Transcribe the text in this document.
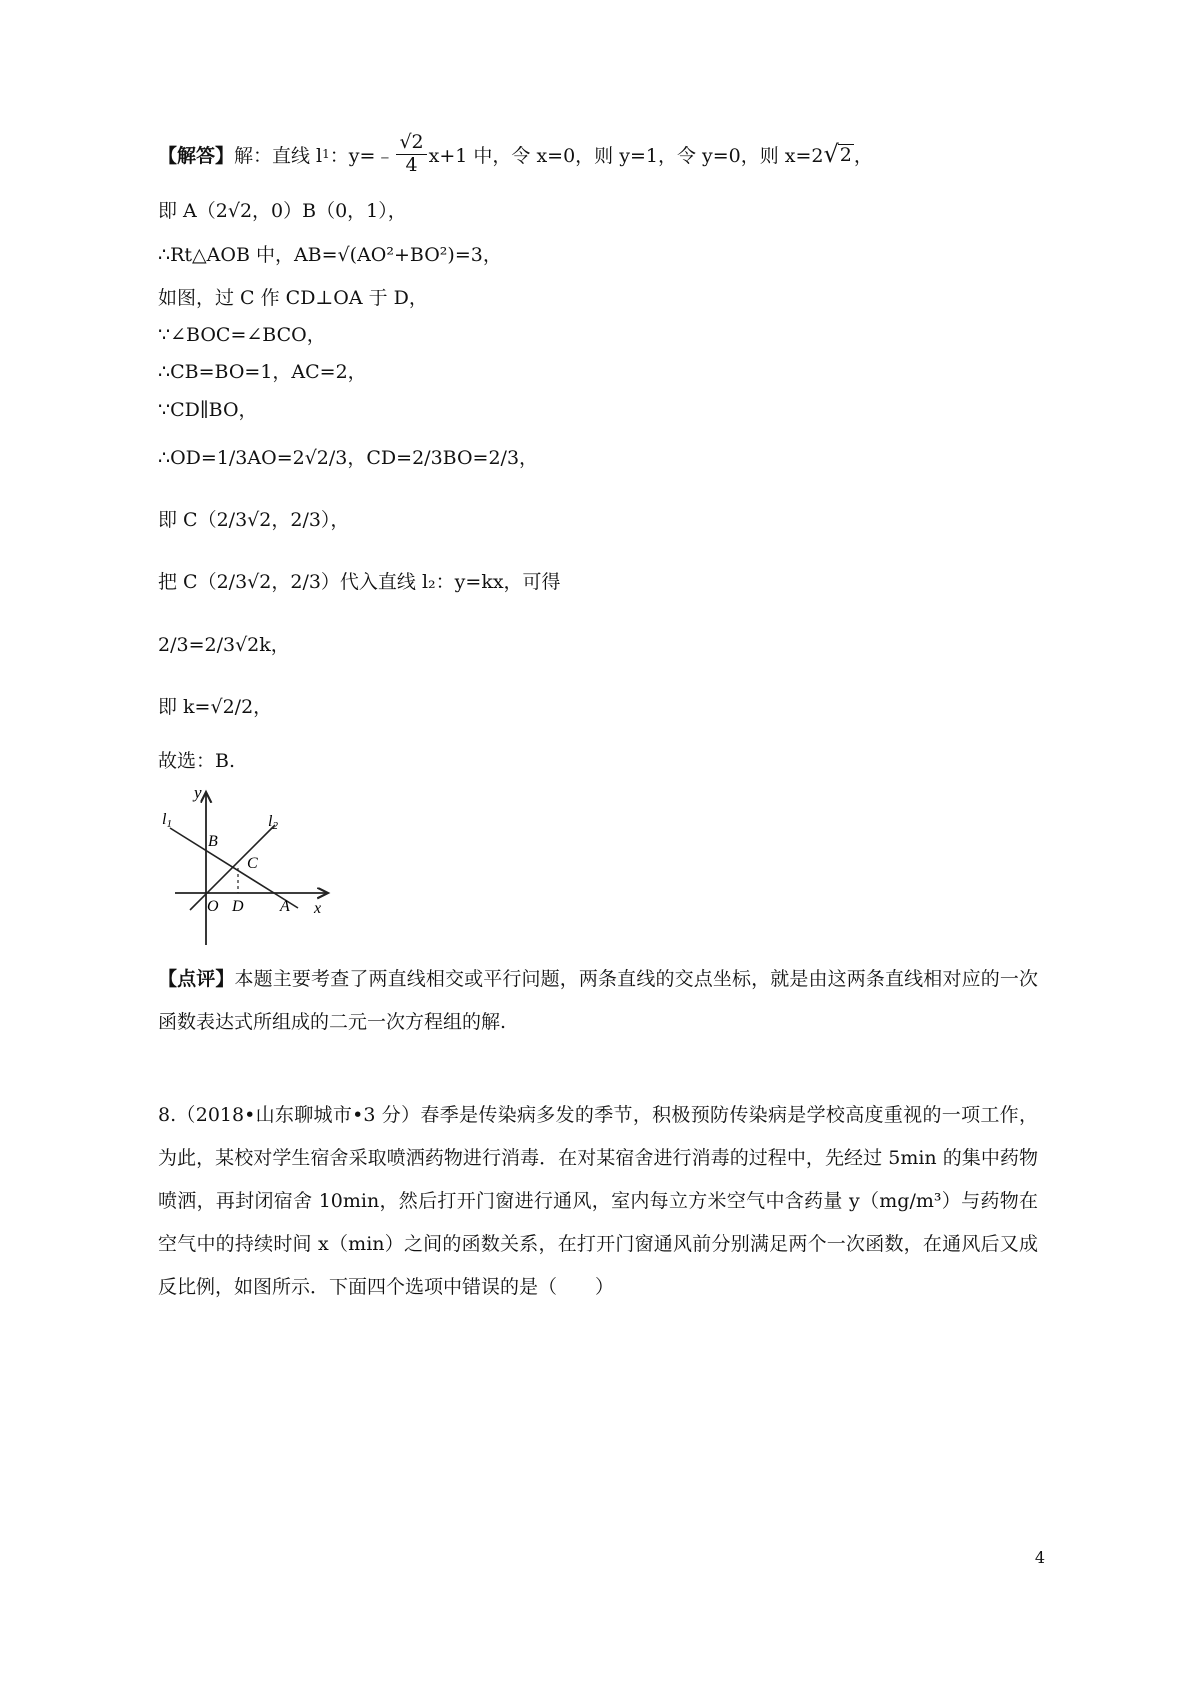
【解答】 解：直线 l 1 ：y=﹣ $\frac{√2}{4} x+1$ 中，令 x=0，则 y=1，令 y=0，则 x=2 √ 2 ，
即 A（2√2，0）B（0，1），
∴Rt△AOB 中，AB=√(AO²+BO²)=3，
如图，过 C 作 CD⊥OA 于 D，
∵∠BOC=∠BCO，
∴CB=BO=1，AC=2，
∵CD∥BO，
∴OD=1/3AO=2√2/3，CD=2/3BO=2/3，
即 C（2/3√2，2/3），
把 C（2/3√2，2/3）代入直线 l₂：y=kx，可得
2/3=2/3√2k，
即 k=√2/2，
故选：B.
y
l1	l2
B
C
O D A x
【点评】本题主要考查了两直线相交或平行问题，两条直线的交点坐标，就是由这两条直线相对应的一次函数表达式所组成的二元一次方程组的解.
8.（2018•山东聊城市•3 分）春季是传染病多发的季节，积极预防传染病是学校高度重视的一项工作，为此，某校对学生宿舍采取喷洒药物进行消毒．在对某宿舍进行消毒的过程中，先经过 5min 的集中药物喷洒，再封闭宿舍 10min，然后打开门窗进行通风，室内每立方米空气中含药量 y（mg/m³）与药物在空气中的持续时间 x（min）之间的函数关系，在打开门窗通风前分别满足两个一次函数，在通风后又成反比例，如图所示．下面四个选项中错误的是（　　）
4
